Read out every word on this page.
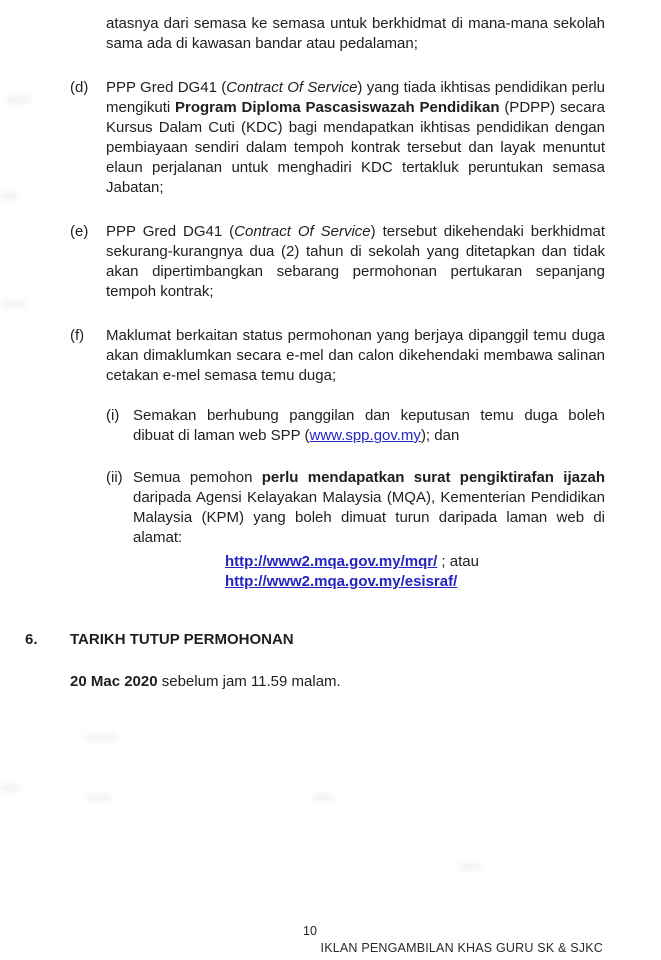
atasnya dari semasa ke semasa untuk berkhidmat di mana-mana sekolah sama ada di kawasan bandar atau pedalaman;

(d)	PPP Gred DG41 (Contract Of Service) yang tiada ikhtisas pendidikan perlu mengikuti Program Diploma Pascasiswazah Pendidikan (PDPP) secara Kursus Dalam Cuti (KDC) bagi mendapatkan ikhtisas pendidikan dengan pembiayaan sendiri dalam tempoh kontrak tersebut dan layak menuntut elaun perjalanan untuk menghadiri KDC tertakluk peruntukan semasa Jabatan;

(e)	PPP Gred DG41 (Contract Of Service) tersebut dikehendaki berkhidmat sekurang-kurangnya dua (2) tahun di sekolah yang ditetapkan dan tidak akan dipertimbangkan sebarang permohonan pertukaran sepanjang tempoh kontrak;

(f)	Maklumat berkaitan status permohonan yang berjaya dipanggil temu duga akan dimaklumkan secara e-mel dan calon dikehendaki membawa salinan cetakan e-mel semasa temu duga;

(i) Semakan berhubung panggilan dan keputusan temu duga boleh dibuat di laman web SPP (www.spp.gov.my); dan

(ii) Semua pemohon perlu mendapatkan surat pengiktirafan ijazah daripada Agensi Kelayakan Malaysia (MQA), Kementerian Pendidikan Malaysia (KPM) yang boleh dimuat turun daripada laman web di alamat:

http://www2.mqa.gov.my/mqr/ ; atau
http://www2.mqa.gov.my/esisraf/
6.	TARIKH TUTUP PERMOHONAN

20 Mac 2020 sebelum jam 11.59 malam.

10
IKLAN PENGAMBILAN KHAS GURU SK & SJKC
